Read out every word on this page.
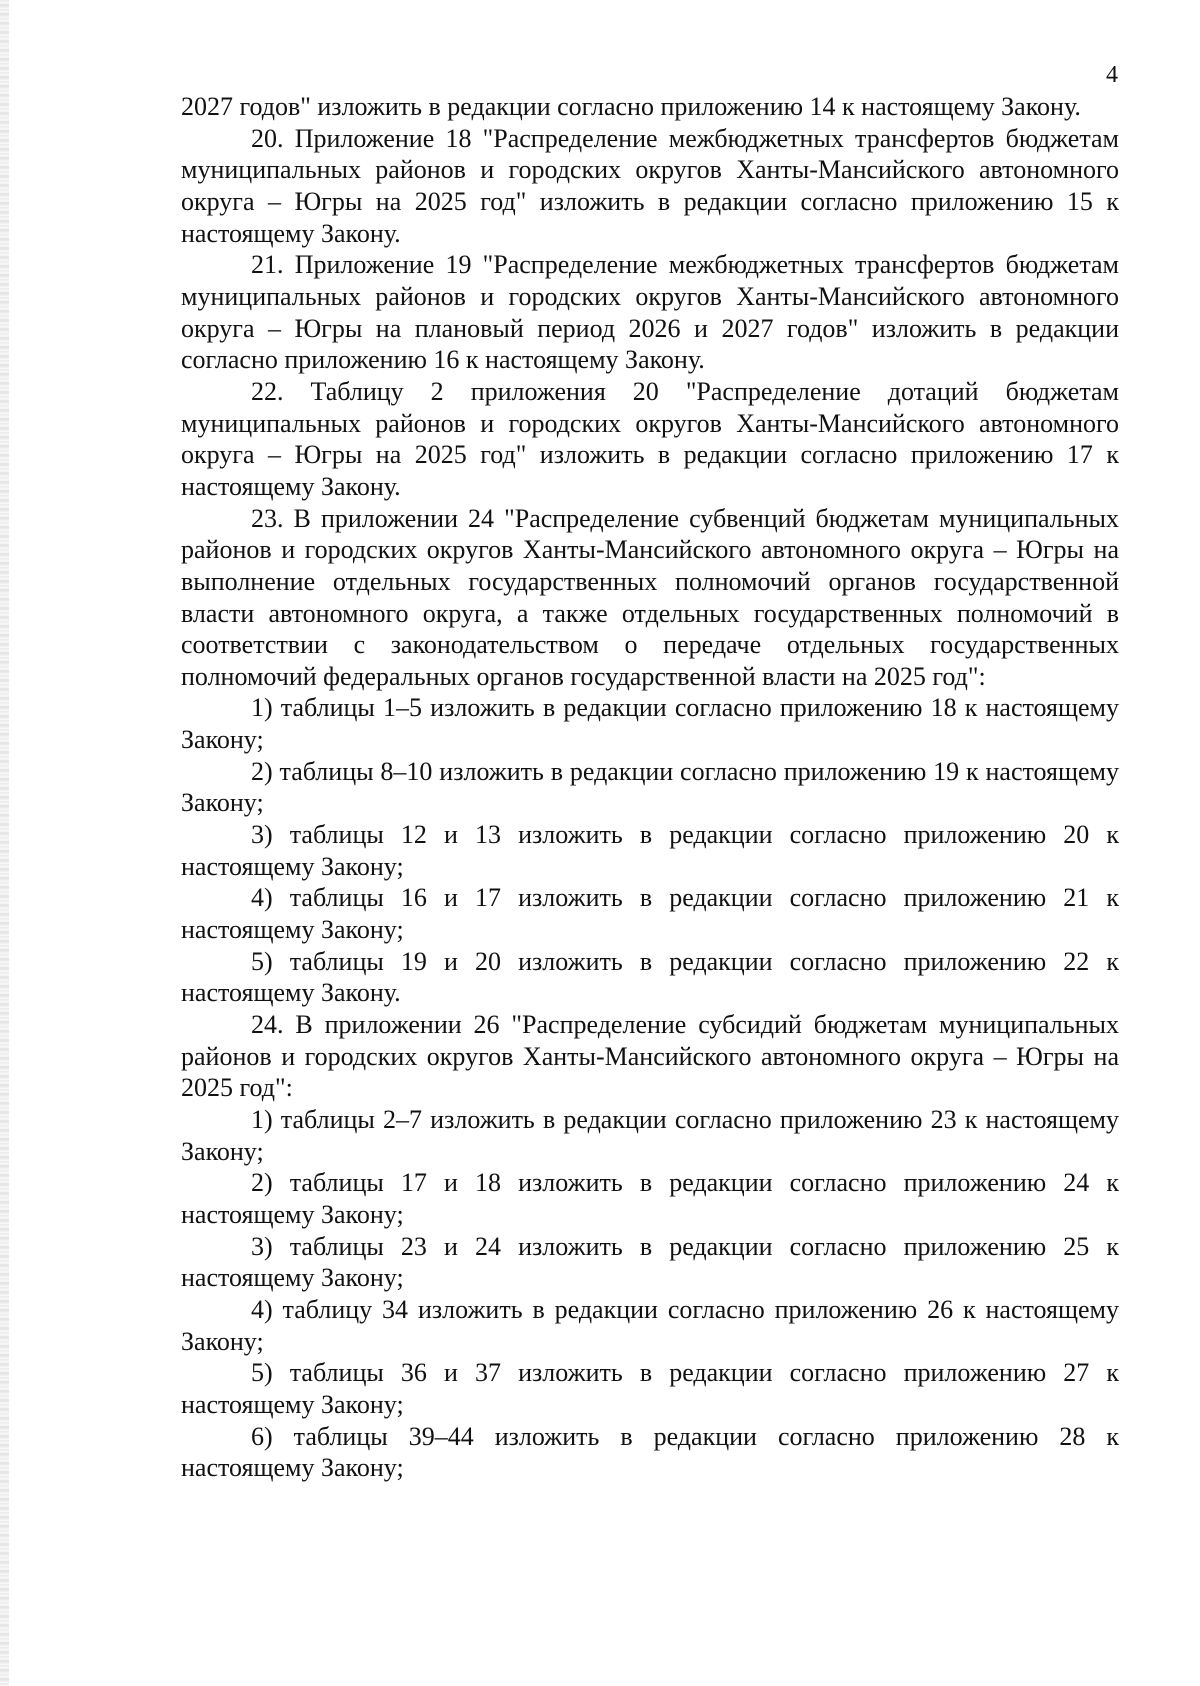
4

2027 годов" изложить в редакции согласно приложению 14 к настоящему Закону.

20. Приложение 18 "Распределение межбюджетных трансфертов бюджетам муниципальных районов и городских округов Ханты-Мансийского автономного округа – Югры на 2025 год" изложить в редакции согласно приложению 15 к настоящему Закону.

21. Приложение 19 "Распределение межбюджетных трансфертов бюджетам муниципальных районов и городских округов Ханты-Мансийского автономного округа – Югры на плановый период 2026 и 2027 годов" изложить в редакции согласно приложению 16 к настоящему Закону.

22. Таблицу 2 приложения 20 "Распределение дотаций бюджетам муниципальных районов и городских округов Ханты-Мансийского автономного округа – Югры на 2025 год" изложить в редакции согласно приложению 17 к настоящему Закону.

23. В приложении 24 "Распределение субвенций бюджетам муниципальных районов и городских округов Ханты-Мансийского автономного округа – Югры на выполнение отдельных государственных полномочий органов государственной власти автономного округа, а также отдельных государственных полномочий в соответствии с законодательством о передаче отдельных государственных полномочий федеральных органов государственной власти на 2025 год":

1) таблицы 1–5 изложить в редакции согласно приложению 18 к настоящему Закону;

2) таблицы 8–10 изложить в редакции согласно приложению 19 к настоящему Закону;

3) таблицы 12 и 13 изложить в редакции согласно приложению 20 к настоящему Закону;

4) таблицы 16 и 17 изложить в редакции согласно приложению 21 к настоящему Закону;

5) таблицы 19 и 20 изложить в редакции согласно приложению 22 к настоящему Закону.

24. В приложении 26 "Распределение субсидий бюджетам муниципальных районов и городских округов Ханты-Мансийского автономного округа – Югры на 2025 год":

1) таблицы 2–7 изложить в редакции согласно приложению 23 к настоящему Закону;

2) таблицы 17 и 18 изложить в редакции согласно приложению 24 к настоящему Закону;

3) таблицы 23 и 24 изложить в редакции согласно приложению 25 к настоящему Закону;

4) таблицу 34 изложить в редакции согласно приложению 26 к настоящему Закону;

5) таблицы 36 и 37 изложить в редакции согласно приложению 27 к настоящему Закону;

6) таблицы 39–44 изложить в редакции согласно приложению 28 к настоящему Закону;
